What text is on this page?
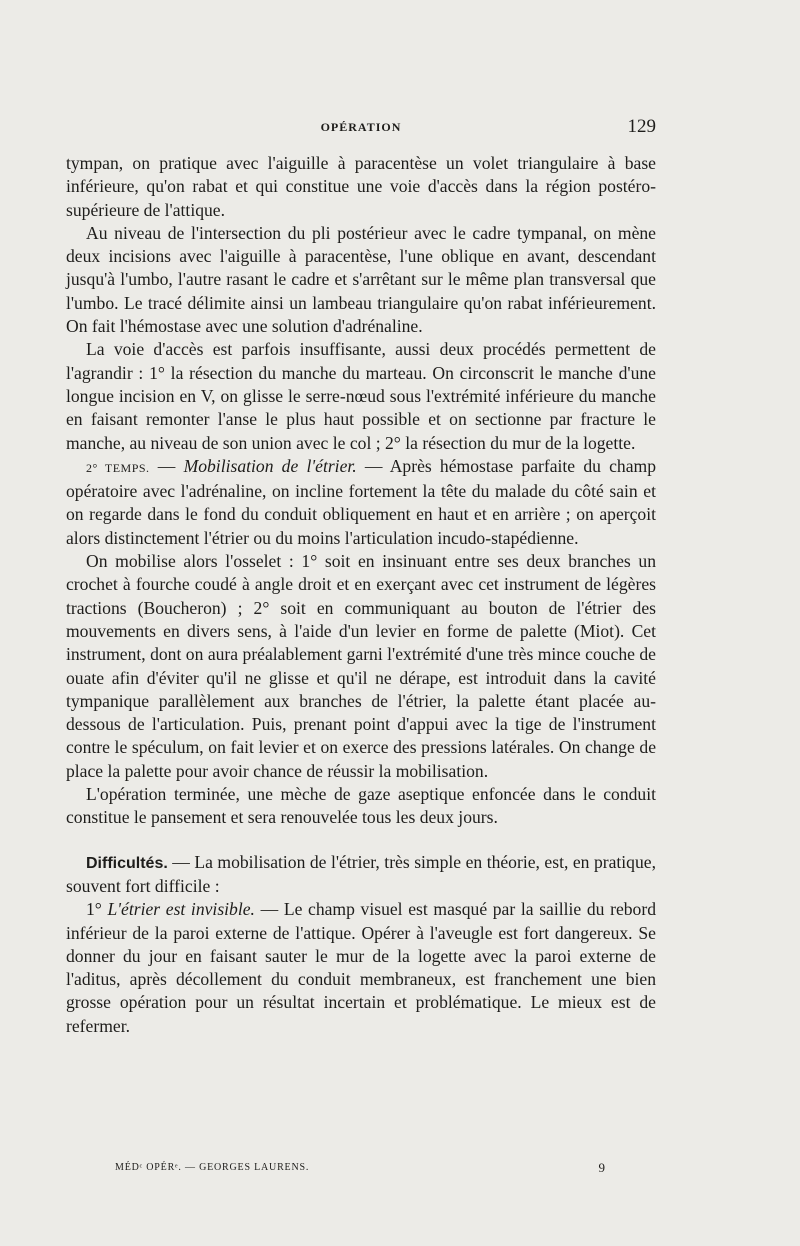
OPÉRATION	129

tympan, on pratique avec l'aiguille à paracentèse un volet triangulaire à base inférieure, qu'on rabat et qui constitue une voie d'accès dans la région postéro-supérieure de l'attique.

Au niveau de l'intersection du pli postérieur avec le cadre tympanal, on mène deux incisions avec l'aiguille à paracentèse, l'une oblique en avant, descendant jusqu'à l'umbo, l'autre rasant le cadre et s'arrêtant sur le même plan transversal que l'umbo. Le tracé délimite ainsi un lambeau triangulaire qu'on rabat inférieurement. On fait l'hémostase avec une solution d'adrénaline.

La voie d'accès est parfois insuffisante, aussi deux procédés permettent de l'agrandir : 1° la résection du manche du marteau. On circonscrit le manche d'une longue incision en V, on glisse le serre-nœud sous l'extrémité inférieure du manche en faisant remonter l'anse le plus haut possible et on sectionne par fracture le manche, au niveau de son union avec le col ; 2° la résection du mur de la logette.

2° TEMPS. — Mobilisation de l'étrier. — Après hémostase parfaite du champ opératoire avec l'adrénaline, on incline fortement la tête du malade du côté sain et on regarde dans le fond du conduit obliquement en haut et en arrière ; on aperçoit alors distinctement l'étrier ou du moins l'articulation incudo-stapédienne.

On mobilise alors l'osselet : 1° soit en insinuant entre ses deux branches un crochet à fourche coudé à angle droit et en exerçant avec cet instrument de légères tractions (Boucheron) ; 2° soit en communiquant au bouton de l'étrier des mouvements en divers sens, à l'aide d'un levier en forme de palette (Miot). Cet instrument, dont on aura préalablement garni l'extrémité d'une très mince couche de ouate afin d'éviter qu'il ne glisse et qu'il ne dérape, est introduit dans la cavité tympanique parallèlement aux branches de l'étrier, la palette étant placée au-dessous de l'articulation. Puis, prenant point d'appui avec la tige de l'instrument contre le spéculum, on fait levier et on exerce des pressions latérales. On change de place la palette pour avoir chance de réussir la mobilisation.

L'opération terminée, une mèche de gaze aseptique enfoncée dans le conduit constitue le pansement et sera renouvelée tous les deux jours.

Difficultés. — La mobilisation de l'étrier, très simple en théorie, est, en pratique, souvent fort difficile :

1° L'étrier est invisible. — Le champ visuel est masqué par la saillie du rebord inférieur de la paroi externe de l'attique. Opérer à l'aveugle est fort dangereux. Se donner du jour en faisant sauter le mur de la logette avec la paroi externe de l'aditus, après décollement du conduit membraneux, est franchement une bien grosse opération pour un résultat incertain et problématique. Le mieux est de refermer.

MÉDᶜ OPÉRᵉ. — GEORGES LAURENS.	9
